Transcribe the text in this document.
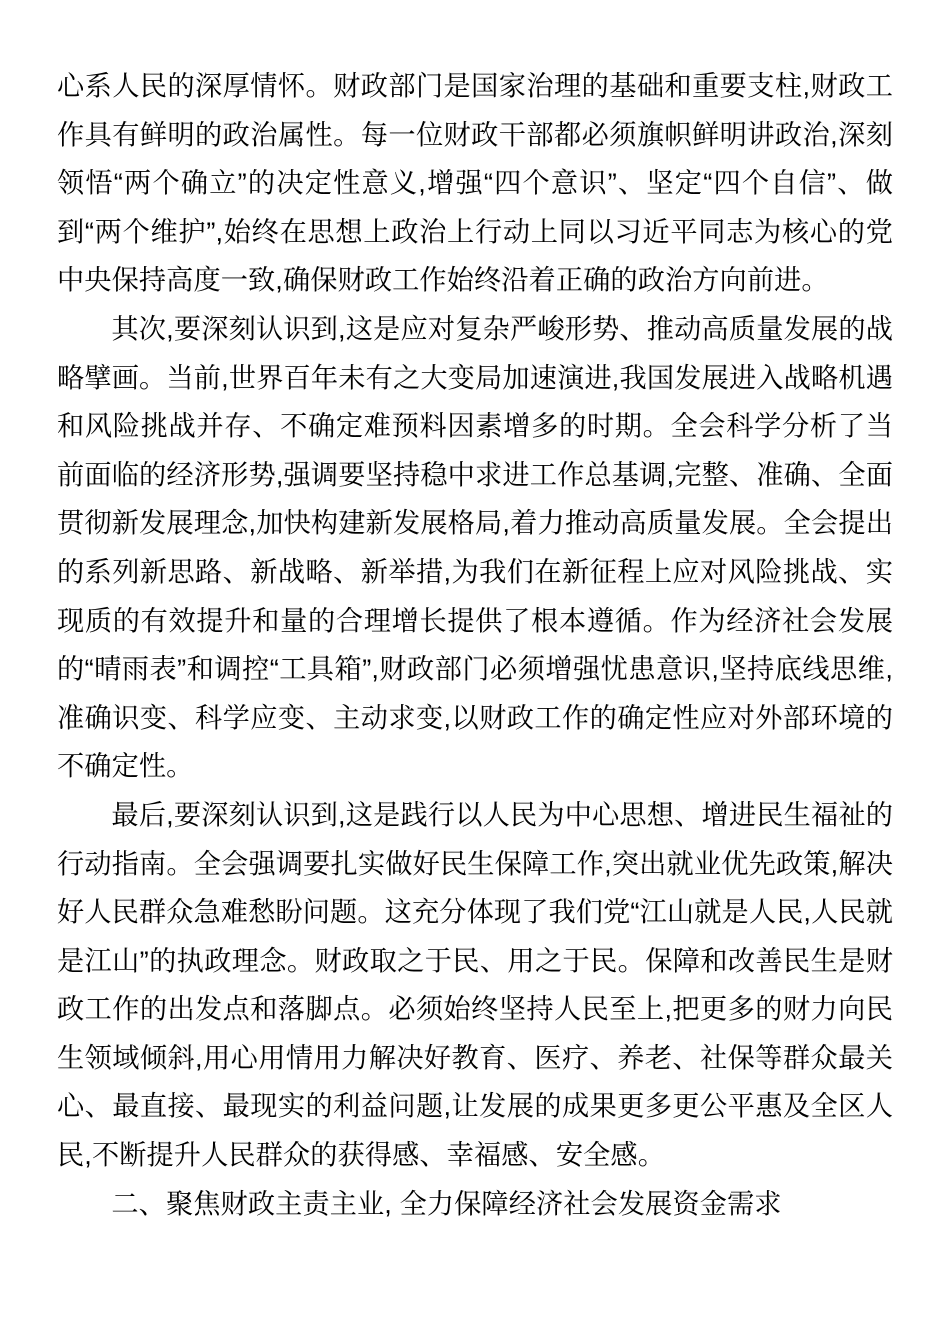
心系人民的深厚情怀。财政部门是国家治理的基础和重要支柱,财政工作具有鲜明的政治属性。每一位财政干部都必须旗帜鲜明讲政治,深刻领悟“两个确立”的决定性意义,增强“四个意识”、坚定“四个自信”、做到“两个维护”,始终在思想上政治上行动上同以习近平同志为核心的党中央保持高度一致,确保财政工作始终沿着正确的政治方向前进。

其次,要深刻认识到,这是应对复杂严峻形势、推动高质量发展的战略擘画。当前,世界百年未有之大变局加速演进,我国发展进入战略机遇和风险挑战并存、不确定难预料因素增多的时期。全会科学分析了当前面临的经济形势,强调要坚持稳中求进工作总基调,完整、准确、全面贯彻新发展理念,加快构建新发展格局,着力推动高质量发展。全会提出的系列新思路、新战略、新举措,为我们在新征程上应对风险挑战、实现质的有效提升和量的合理增长提供了根本遵循。作为经济社会发展的“晴雨表”和调控“工具箱”,财政部门必须增强忧患意识,坚持底线思维,准确识变、科学应变、主动求变,以财政工作的确定性应对外部环境的不确定性。

最后,要深刻认识到,这是践行以人民为中心思想、增进民生福祉的行动指南。全会强调要扎实做好民生保障工作,突出就业优先政策,解决好人民群众急难愁盼问题。这充分体现了我们党“江山就是人民,人民就是江山”的执政理念。财政取之于民、用之于民。保障和改善民生是财政工作的出发点和落脚点。必须始终坚持人民至上,把更多的财力向民生领域倾斜,用心用情用力解决好教育、医疗、养老、社保等群众最关心、最直接、最现实的利益问题,让发展的成果更多更公平惠及全区人民,不断提升人民群众的获得感、幸福感、安全感。

二、聚焦财政主责主业, 全力保障经济社会发展资金需求
